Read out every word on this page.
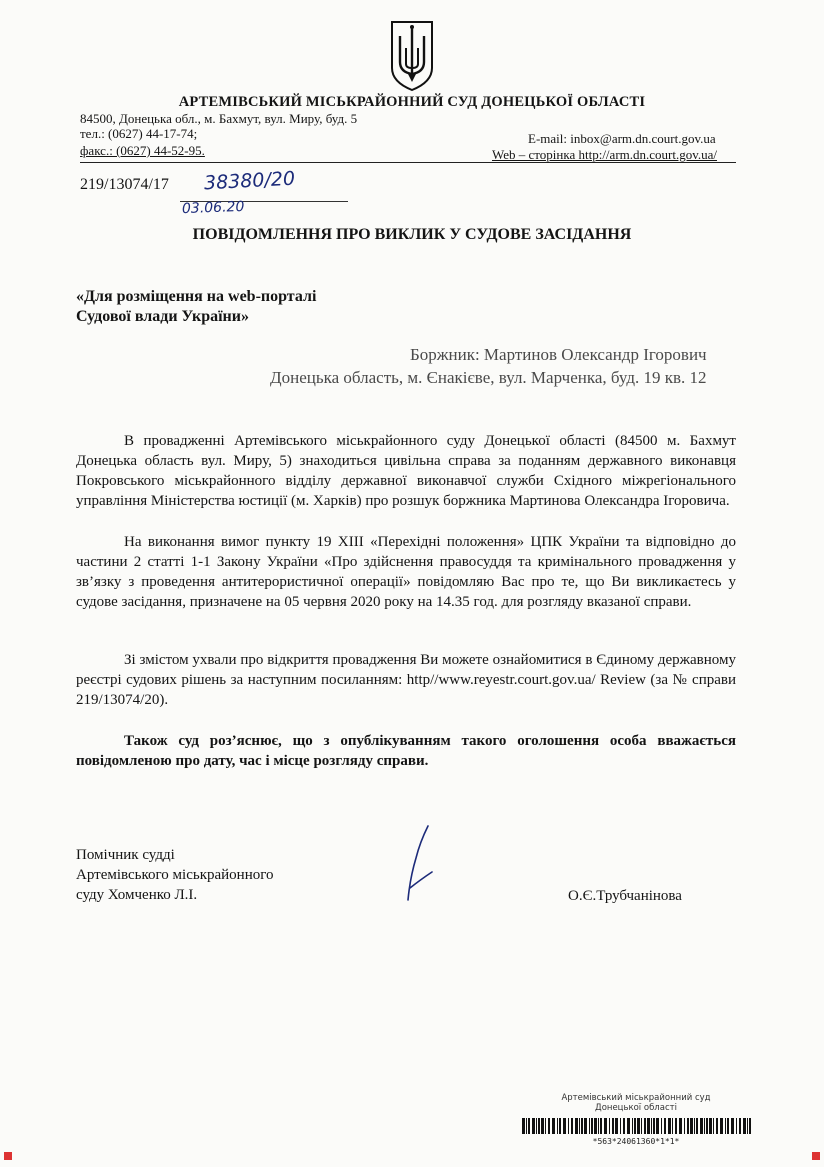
АРТЕМІВСЬКИЙ МІСЬКРАЙОННИЙ СУД ДОНЕЦЬКОЇ ОБЛАСТІ
84500, Донецька обл., м. Бахмут, вул. Миру, буд. 5
тел.: (0627) 44-17-74;
факс.: (0627) 44-52-95.
E-mail: inbox@arm.dn.court.gov.ua
Web – сторінка http://arm.dn.court.gov.ua/
219/13074/17 38380/20
03.06.20
ПОВІДОМЛЕННЯ ПРО ВИКЛИК У СУДОВЕ ЗАСІДАННЯ
«Для розміщення на web-порталі
Судової влади України»
Боржник: Мартинов Олександр Ігорович
Донецька область, м. Єнакієве, вул. Марченка, буд. 19 кв. 12
В провадженні Артемівського міськрайонного суду Донецької області (84500 м. Бахмут Донецька область вул. Миру, 5) знаходиться цивільна справа за поданням державного виконавця Покровського міськрайонного відділу державної виконавчої служби Східного міжрегіонального управління Міністерства юстиції (м. Харків) про розшук боржника Мартинова Олександра Ігоровича.
На виконання вимог пункту 19 ХІІІ «Перехідні положення» ЦПК України та відповідно до частини 2 статті 1-1 Закону України «Про здійснення правосуддя та кримінального провадження у зв’язку з проведення антитерористичної операції» повідомляю Вас про те, що Ви викликаєтесь у судове засідання, призначене на 05 червня 2020 року на 14.35 год. для розгляду вказаної справи.
Зі змістом ухвали про відкриття провадження Ви можете ознайомитися в Єдиному державному реєстрі судових рішень за наступним посиланням: http//www.reyestr.court.gov.ua/ Review (за № справи 219/13074/20).
Також суд роз’яснює, що з опублікуванням такого оголошення особа вважається повідомленою про дату, час і місце розгляду справи.
Помічник судді
Артемівського міськрайонного
суду Хомченко Л.І.	О.Є.Трубчанінова
Артемівський міськрайонний суд
Донецької області
*563*24061360*1*1*
